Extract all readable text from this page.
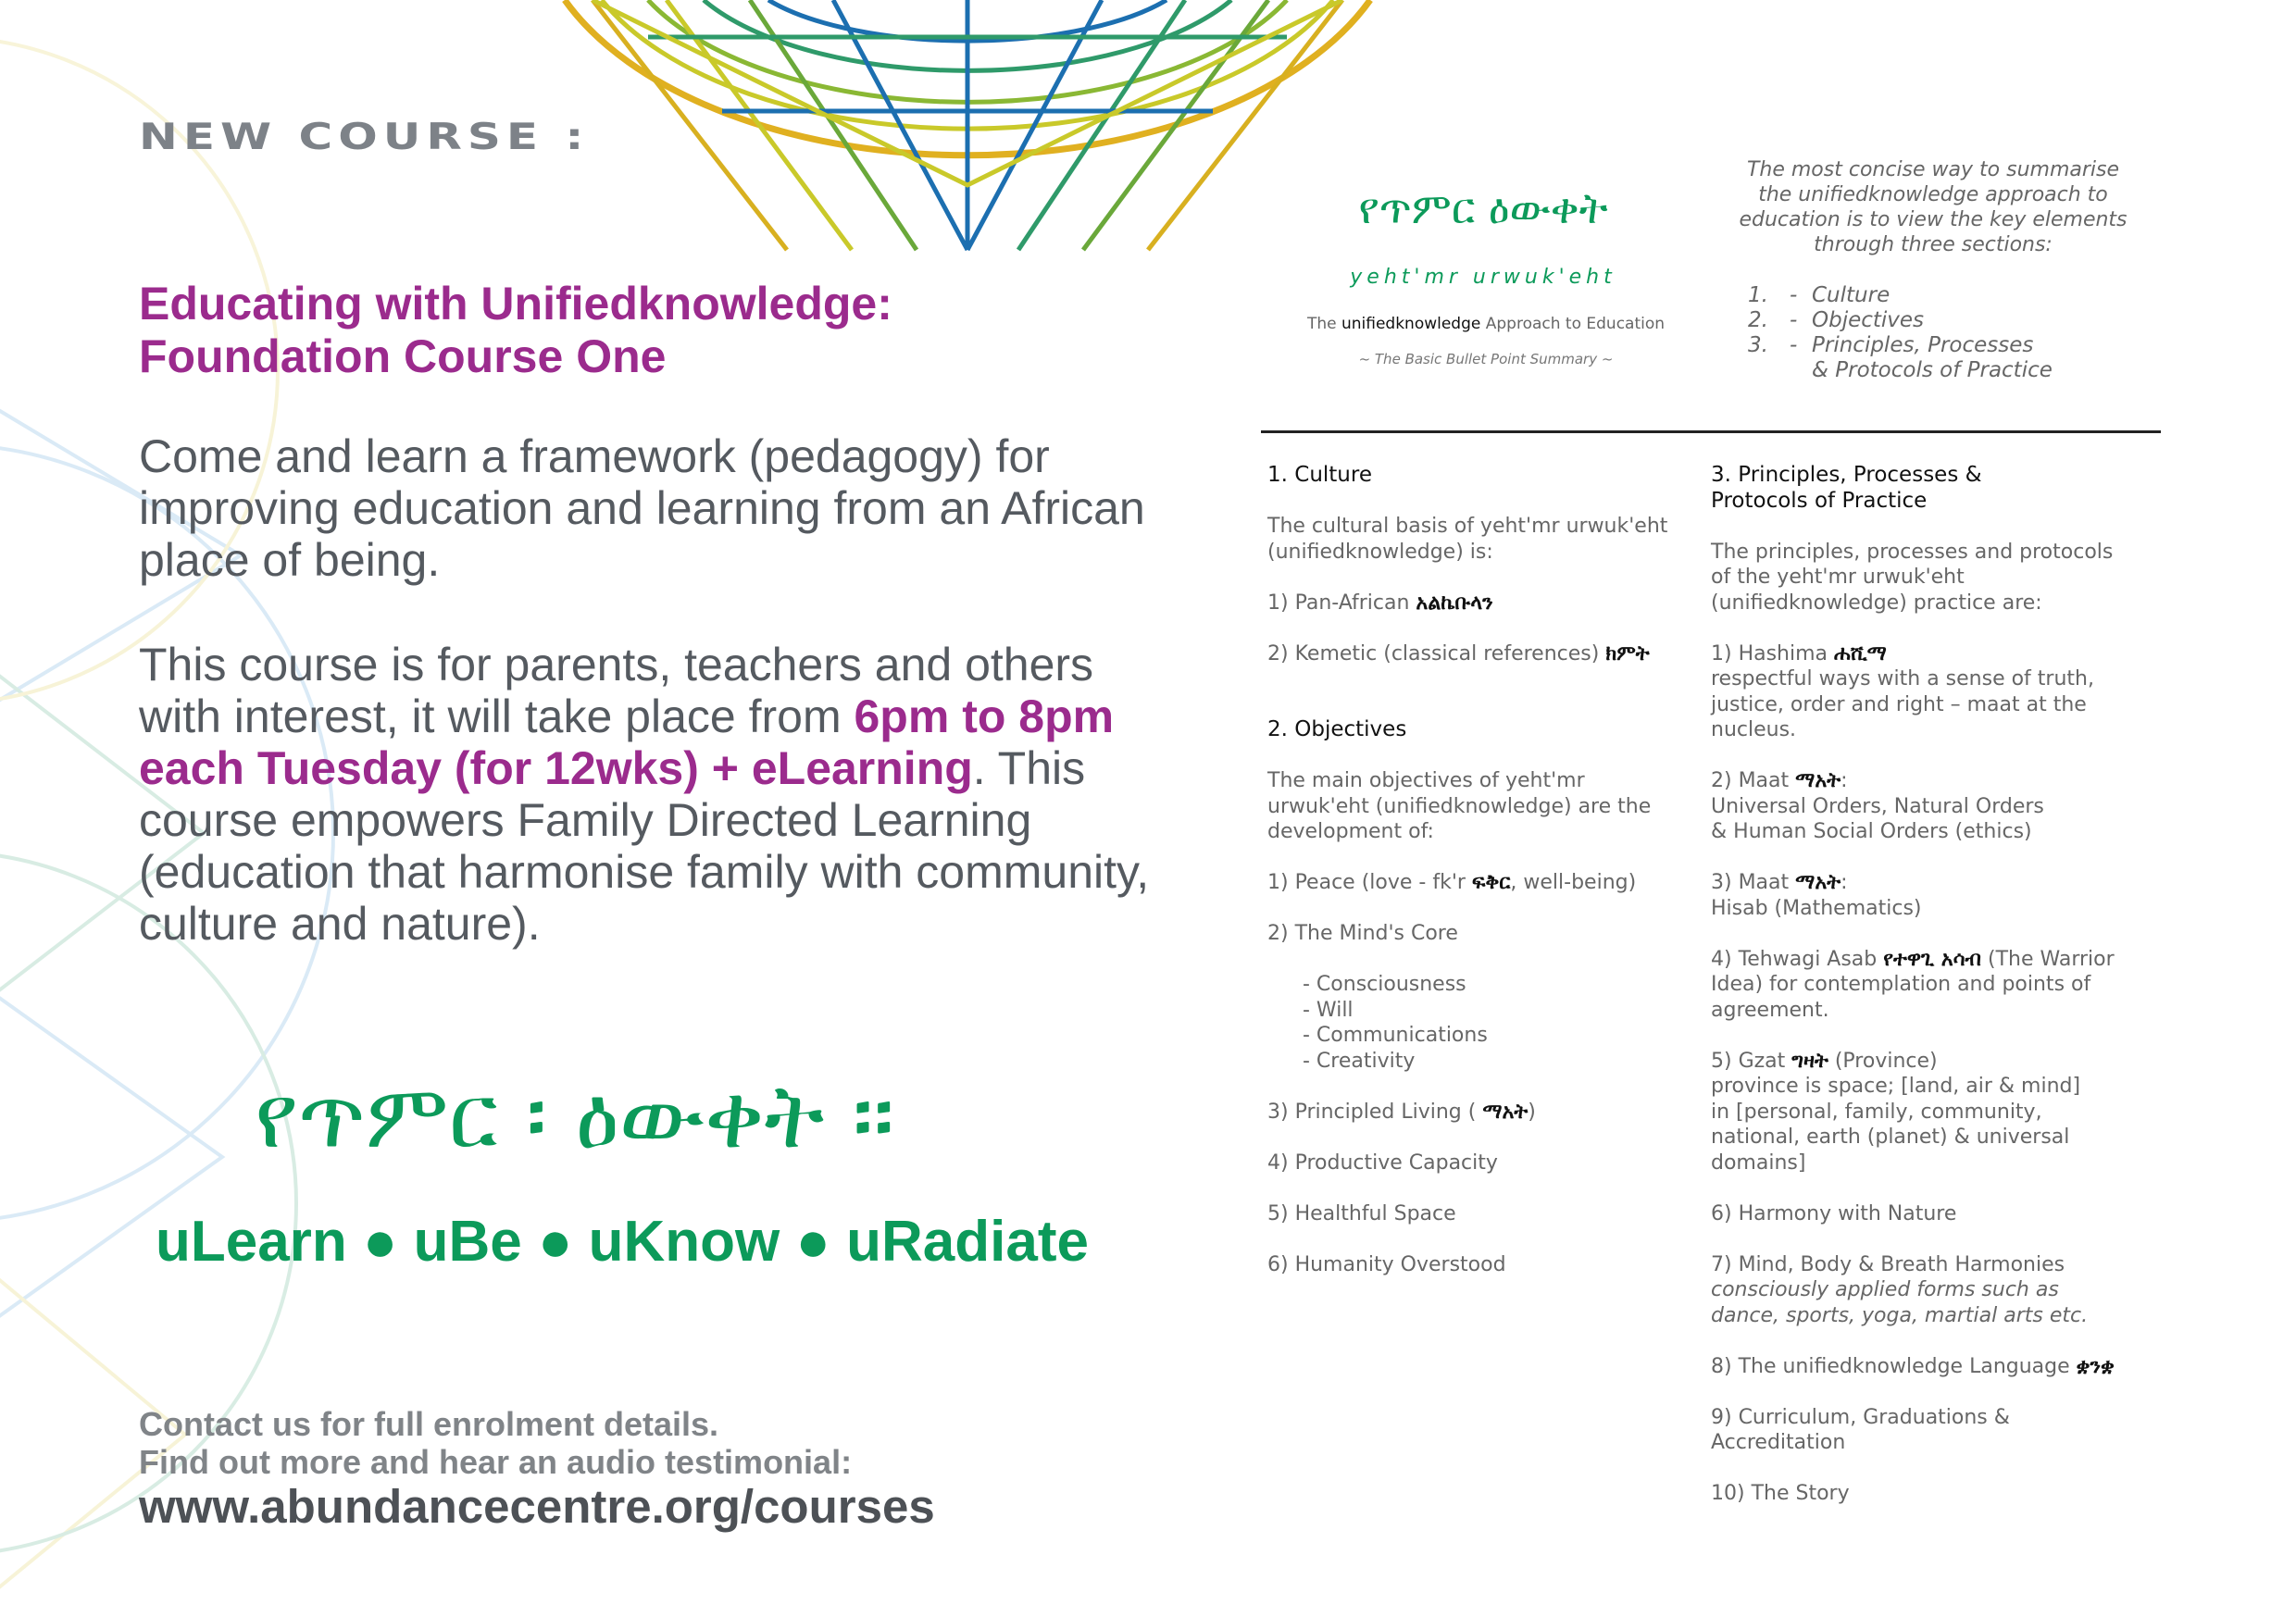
NEW COURSE :
Educating with Unifiedknowledge:
Foundation Course One
Come and learn a framework (pedagogy) for improving education and learning from an African place of being.
This course is for parents, teachers and others with interest, it will take place from 6pm to 8pm each Tuesday (for 12wks) + eLearning. This course empowers Family Directed Learning (education that harmonise family with community, culture and nature).
የጥምር ፡ ዕውቀት ፡፡
uLearn ● uBe ● uKnow ● uRadiate
Contact us for full enrolment details.
Find out more and hear an audio testimonial:
www.abundancecentre.org/courses
የጥምር ዕውቀት
yeht'mr urwuk'eht
The unifiedknowledge Approach to Education
~ The Basic Bullet Point Summary ~
The most concise way to summarise
the unifiedknowledge approach to
education is to view the key elements
through three sections:
1. - Culture
2. - Objectives
3. - Principles, Processes
& Protocols of Practice
1. Culture
The cultural basis of yeht'mr urwuk'eht
(unifiedknowledge) is:
1) Pan-African አልኬቡላን
2) Kemetic (classical references) ክምት
2. Objectives
The main objectives of yeht'mr
urwuk'eht (unifiedknowledge) are the
development of:
1) Peace (love - fk'r ፍቅር, well-being)
2) The Mind's Core
- Consciousness
- Will
- Communications
- Creativity
3) Principled Living ( ማአት)
4) Productive Capacity
5) Healthful Space
6) Humanity Overstood
3. Principles, Processes &
Protocols of Practice
The principles, processes and protocols
of the yeht'mr urwuk'eht
(unifiedknowledge) practice are:
1) Hashima ሐሺማ
respectful ways with a sense of truth,
justice, order and right – maat at the
nucleus.
2) Maat ማአት:
Universal Orders, Natural Orders
& Human Social Orders (ethics)
3) Maat ማአት:
Hisab (Mathematics)
4) Tehwagi Asab የተዋጊ አሳብ (The Warrior
Idea) for contemplation and points of
agreement.
5) Gzat ግዛት (Province)
province is space; [land, air & mind]
in [personal, family, community,
national, earth (planet) & universal
domains]
6) Harmony with Nature
7) Mind, Body & Breath Harmonies
consciously applied forms such as
dance, sports, yoga, martial arts etc.
8) The unifiedknowledge Language ቋንቋ
9) Curriculum, Graduations &
Accreditation
10) The Story
